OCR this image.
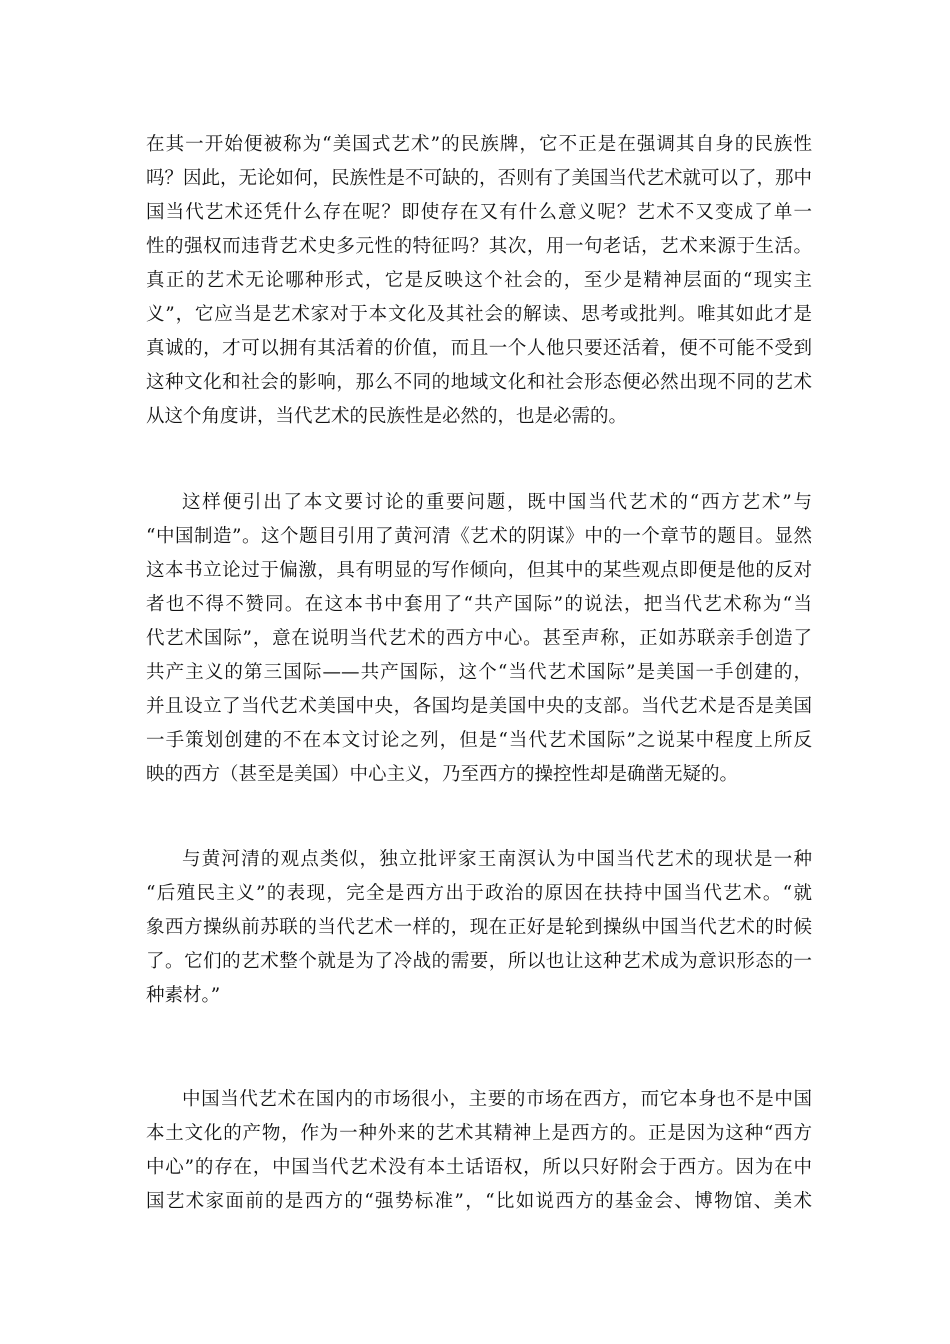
在其一开始便被称为“美国式艺术”的民族牌，它不正是在强调其自身的民族性
吗？因此，无论如何，民族性是不可缺的，否则有了美国当代艺术就可以了，那中
国当代艺术还凭什么存在呢？即使存在又有什么意义呢？艺术不又变成了单一
性的强权而违背艺术史多元性的特征吗？其次，用一句老话，艺术来源于生活。
真正的艺术无论哪种形式，它是反映这个社会的，至少是精神层面的“现实主
义”，它应当是艺术家对于本文化及其社会的解读、思考或批判。唯其如此才是
真诚的，才可以拥有其活着的价值，而且一个人他只要还活着，便不可能不受到
这种文化和社会的影响，那么不同的地域文化和社会形态便必然出现不同的艺术
从这个角度讲，当代艺术的民族性是必然的，也是必需的。
这样便引出了本文要讨论的重要问题，既中国当代艺术的“西方艺术”与
“中国制造”。这个题目引用了黄河清《艺术的阴谋》中的一个章节的题目。显然
这本书立论过于偏激，具有明显的写作倾向，但其中的某些观点即便是他的反对
者也不得不赞同。在这本书中套用了“共产国际”的说法，把当代艺术称为“当
代艺术国际”，意在说明当代艺术的西方中心。甚至声称，正如苏联亲手创造了
共产主义的第三国际——共产国际，这个“当代艺术国际”是美国一手创建的，
并且设立了当代艺术美国中央，各国均是美国中央的支部。当代艺术是否是美国
一手策划创建的不在本文讨论之列，但是“当代艺术国际”之说某中程度上所反
映的西方（甚至是美国）中心主义，乃至西方的操控性却是确凿无疑的。
与黄河清的观点类似，独立批评家王南溟认为中国当代艺术的现状是一种
“后殖民主义”的表现，完全是西方出于政治的原因在扶持中国当代艺术。“就
象西方操纵前苏联的当代艺术一样的，现在正好是轮到操纵中国当代艺术的时候
了。它们的艺术整个就是为了冷战的需要，所以也让这种艺术成为意识形态的一
种素材。”
中国当代艺术在国内的市场很小，主要的市场在西方，而它本身也不是中国
本土文化的产物，作为一种外来的艺术其精神上是西方的。正是因为这种“西方
中心”的存在，中国当代艺术没有本土话语权，所以只好附会于西方。因为在中
国艺术家面前的是西方的“强势标准”，“比如说西方的基金会、博物馆、美术
